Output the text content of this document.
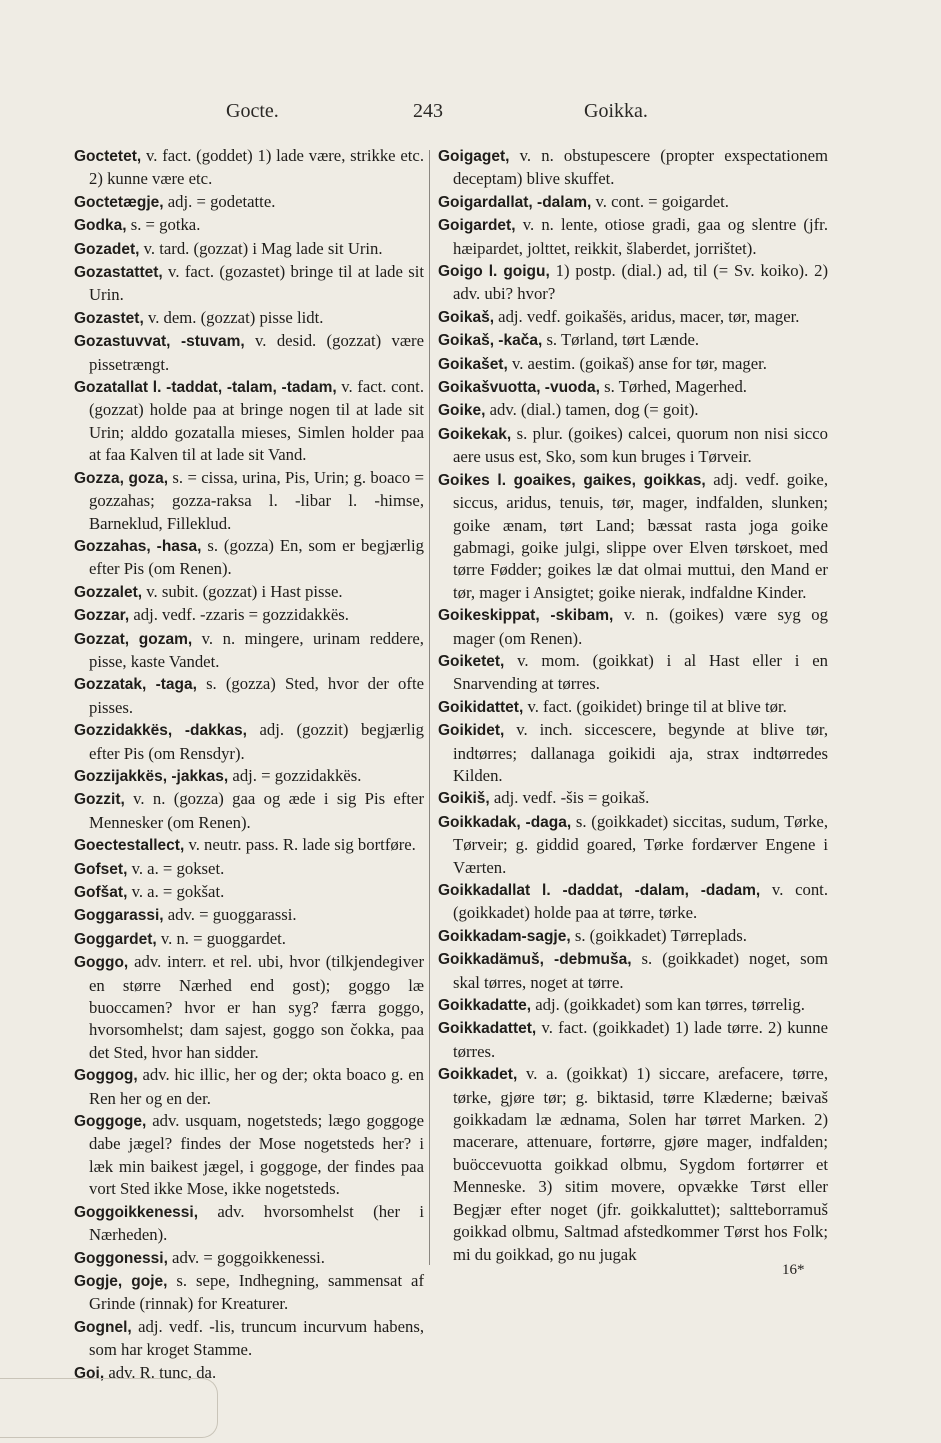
Gocte.	243	Goikka.

Goctetet, v. fact. (goddet) 1) lade være, strikke etc. 2) kunne være etc.

Goctetægje, adj. = godetatte.

Godka, s. = gotka.

Gozadet, v. tard. (gozzat) i Mag lade sit Urin.

Gozastattet, v. fact. (gozastet) bringe til at lade sit Urin.

Gozastet, v. dem. (gozzat) pisse lidt.

Gozastuvvat, -stuvam, v. desid. (gozzat) være pissetrængt.

Gozatallat l. -taddat, -talam, -tadam, v. fact. cont. (gozzat) holde paa at bringe nogen til at lade sit Urin; alddo gozatalla mieses, Simlen holder paa at faa Kalven til at lade sit Vand.

Gozza, goza, s. = cissa, urina, Pis, Urin; g. boaco = gozzahas; gozza-raksa l. -libar l. -himse, Barneklud, Filleklud.

Gozzahas, -hasa, s. (gozza) En, som er begjærlig efter Pis (om Renen).

Gozzalet, v. subit. (gozzat) i Hast pisse.

Gozzar, adj. vedf. -zzaris = gozzidakkës.

Gozzat, gozam, v. n. mingere, urinam reddere, pisse, kaste Vandet.

Gozzatak, -taga, s. (gozza) Sted, hvor der ofte pisses.

Gozzidakkës, -dakkas, adj. (gozzit) begjærlig efter Pis (om Rensdyr).

Gozzijakkës, -jakkas, adj. = gozzidakkës.

Gozzit, v. n. (gozza) gaa og æde i sig Pis efter Mennesker (om Renen).

Goectestallect, v. neutr. pass. R. lade sig bortføre.

Gofset, v. a. = gokset.

Gofšat, v. a. = gokšat.

Goggarassi, adv. = guoggarassi.

Goggardet, v. n. = guoggardet.

Goggo, adv. interr. et rel. ubi, hvor (tilkjendegiver en større Nærhed end gost); goggo læ buoccamen? hvor er han syg? færra goggo, hvorsomhelst; dam sajest, goggo son čokka, paa det Sted, hvor han sidder.

Goggog, adv. hic illic, her og der; okta boaco g. en Ren her og en der.

Goggoge, adv. usquam, nogetsteds; lægo goggoge dabe jægel? findes der Mose nogetsteds her? i læk min baikest jægel, i goggoge, der findes paa vort Sted ikke Mose, ikke nogetsteds.

Goggoikkenessi, adv. hvorsomhelst (her i Nærheden).

Goggonessi, adv. = goggoikkenessi.

Gogje, goje, s. sepe, Indhegning, sammensat af Grinde (rinnak) for Kreaturer.

Gognel, adj. vedf. -lis, truncum incurvum habens, som har kroget Stamme.

Goi, adv. R. tunc, da.

Goigaget, v. n. obstupescere (propter exspectationem deceptam) blive skuffet.

Goigardallat, -dalam, v. cont. = goigardet.

Goigardet, v. n. lente, otiose gradi, gaa og slentre (jfr. hæipardet, jolttet, reikkit, šlaberdet, jorrištet).

Goigo l. goigu, 1) postp. (dial.) ad, til (= Sv. koiko). 2) adv. ubi? hvor?

Goikaš, adj. vedf. goikašës, aridus, macer, tør, mager.

Goikaš, -kača, s. Tørland, tørt Lænde.

Goikašet, v. aestim. (goikaš) anse for tør, mager.

Goikašvuotta, -vuoda, s. Tørhed, Magerhed.

Goike, adv. (dial.) tamen, dog (= goit).

Goikekak, s. plur. (goikes) calcei, quorum non nisi sicco aere usus est, Sko, som kun bruges i Tørveir.

Goikes l. goaikes, gaikes, goikkas, adj. vedf. goike, siccus, aridus, tenuis, tør, mager, indfalden, slunken; goike ænam, tørt Land; bæssat rasta joga goike gabmagi, goike julgi, slippe over Elven tørskoet, med tørre Fødder; goikes læ dat olmai muttui, den Mand er tør, mager i Ansigtet; goike nierak, indfaldne Kinder.

Goikeskippat, -skibam, v. n. (goikes) være syg og mager (om Renen).

Goiketet, v. mom. (goikkat) i al Hast eller i en Snarvending at tørres.

Goikidattet, v. fact. (goikidet) bringe til at blive tør.

Goikidet, v. inch. siccescere, begynde at blive tør, indtørres; dallanaga goikidi aja, strax indtørredes Kilden.

Goikiš, adj. vedf. -šis = goikaš.

Goikkadak, -daga, s. (goikkadet) siccitas, sudum, Tørke, Tørveir; g. giddid goared, Tørke fordærver Engene i Værten.

Goikkadallat l. -daddat, -dalam, -dadam, v. cont. (goikkadet) holde paa at tørre, tørke.

Goikkadam-sagje, s. (goikkadet) Tørreplads.

Goikkadämuš, -debmuša, s. (goikkadet) noget, som skal tørres, noget at tørre.

Goikkadatte, adj. (goikkadet) som kan tørres, tørrelig.

Goikkadattet, v. fact. (goikkadet) 1) lade tørre. 2) kunne tørres.

Goikkadet, v. a. (goikkat) 1) siccare, arefacere, tørre, tørke, gjøre tør; g. biktasid, tørre Klæderne; bæivaš goikkadam læ ædnama, Solen har tørret Marken. 2) macerare, attenuare, fortørre, gjøre mager, indfalden; buöccevuotta goikkad olbmu, Sygdom fortørrer et Menneske. 3) sitim movere, opvække Tørst eller Begjær efter noget (jfr. goikkaluttet); saltteborramuš goikkad olbmu, Saltmad afstedkommer Tørst hos Folk; mi du goikkad, go nu jugak

16*
